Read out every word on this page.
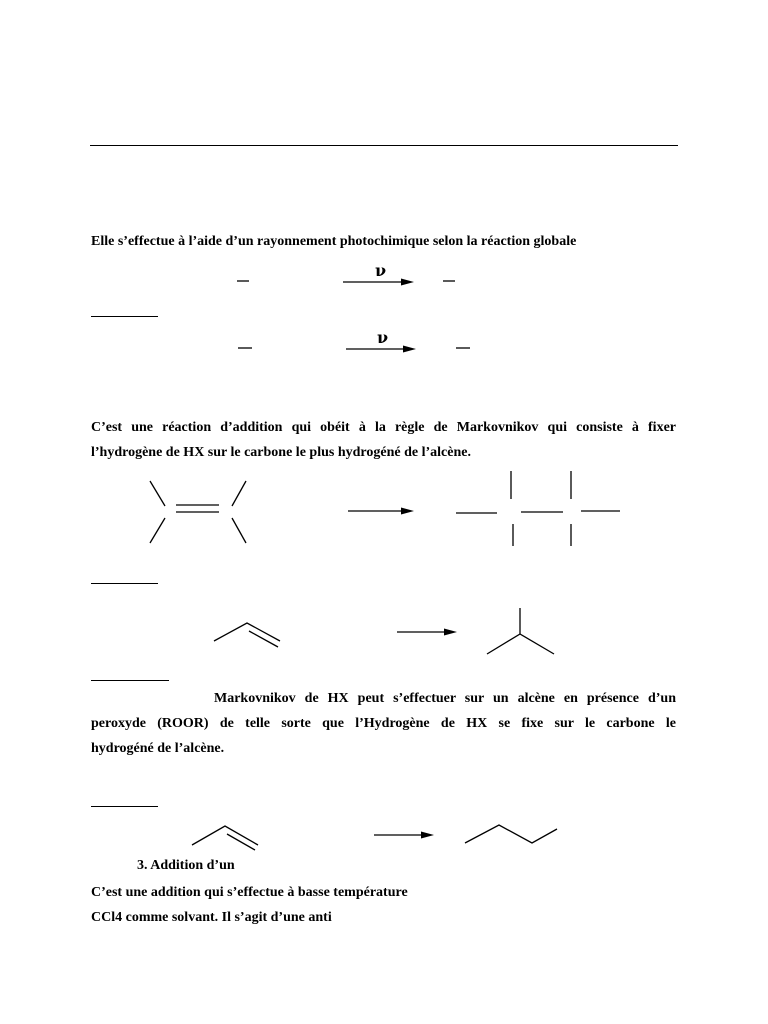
Elle s’effectue à l’aide d’un rayonnement photochimique selon la réaction globale
ν
ν
C’est une réaction d’addition qui obéit à la règle de Markovnikov qui consiste à fixer
l’hydrogène de HX sur le carbone le plus hydrogéné de l’alcène.
Markovnikov de HX peut s’effectuer sur un alcène en présence d’un
peroxyde (ROOR) de telle sorte que l’Hydrogène de HX se fixe sur le carbone le
hydrogéné de l’alcène.
3. Addition d’un
C’est une addition qui s’effectue à basse température
CCl4 comme solvant. Il s’agit d’une anti
